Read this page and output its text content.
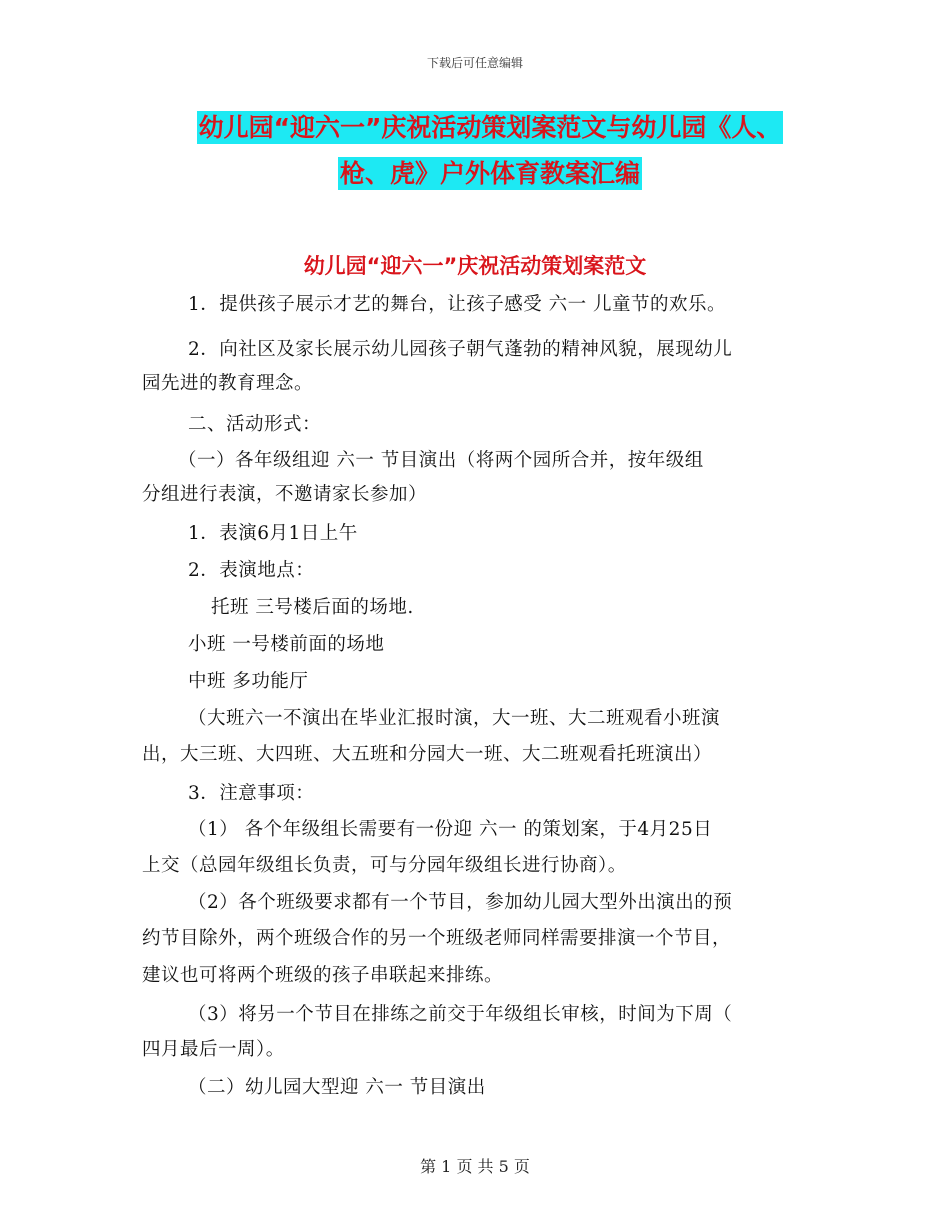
下载后可任意编辑
幼儿园“迎六一”庆祝活动策划案范文与幼儿园《人、
枪、虎》户外体育教案汇编
幼儿园“迎六一”庆祝活动策划案范文
1．提供孩子展示才艺的舞台，让孩子感受 六一 儿童节的欢乐。
2．向社区及家长展示幼儿园孩子朝气蓬勃的精神风貌，展现幼儿
园先进的教育理念。
二、活动形式：
（一）各年级组迎 六一 节目演出（将两个园所合并，按年级组
分组进行表演，不邀请家长参加）
1．表演6月1日上午
2．表演地点：
托班 三号楼后面的场地.
小班 一号楼前面的场地
中班 多功能厅
（大班六一不演出在毕业汇报时演，大一班、大二班观看小班演
出，大三班、大四班、大五班和分园大一班、大二班观看托班演出）
3．注意事项：
（1） 各个年级组长需要有一份迎 六一 的策划案，于4月25日
上交（总园年级组长负责，可与分园年级组长进行协商）。
（2）各个班级要求都有一个节目，参加幼儿园大型外出演出的预
约节目除外，两个班级合作的另一个班级老师同样需要排演一个节目，
建议也可将两个班级的孩子串联起来排练。
（3）将另一个节目在排练之前交于年级组长审核，时间为下周（
四月最后一周）。
（二）幼儿园大型迎 六一 节目演出
第 1 页 共 5 页
